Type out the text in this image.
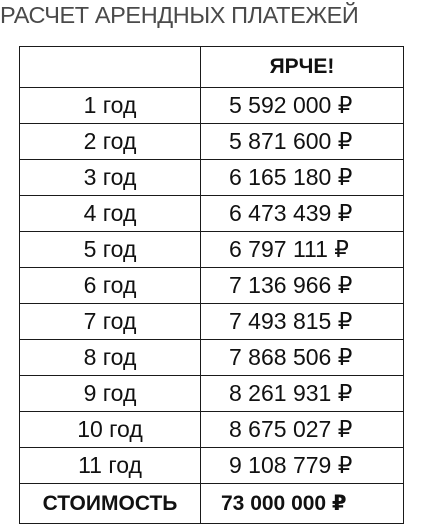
РАСЧЕТ АРЕНДНЫХ ПЛАТЕЖЕЙ
	ЯРЧЕ!
1 год	5 592 000 ₽
2 год	5 871 600 ₽
3 год	6 165 180 ₽
4 год	6 473 439 ₽
5 год	6 797 111 ₽
6 год	7 136 966 ₽
7 год	7 493 815 ₽
8 год	7 868 506 ₽
9 год	8 261 931 ₽
10 год	8 675 027 ₽
11 год	9 108 779 ₽
СТОИМОСТЬ	73 000 000 ₽
